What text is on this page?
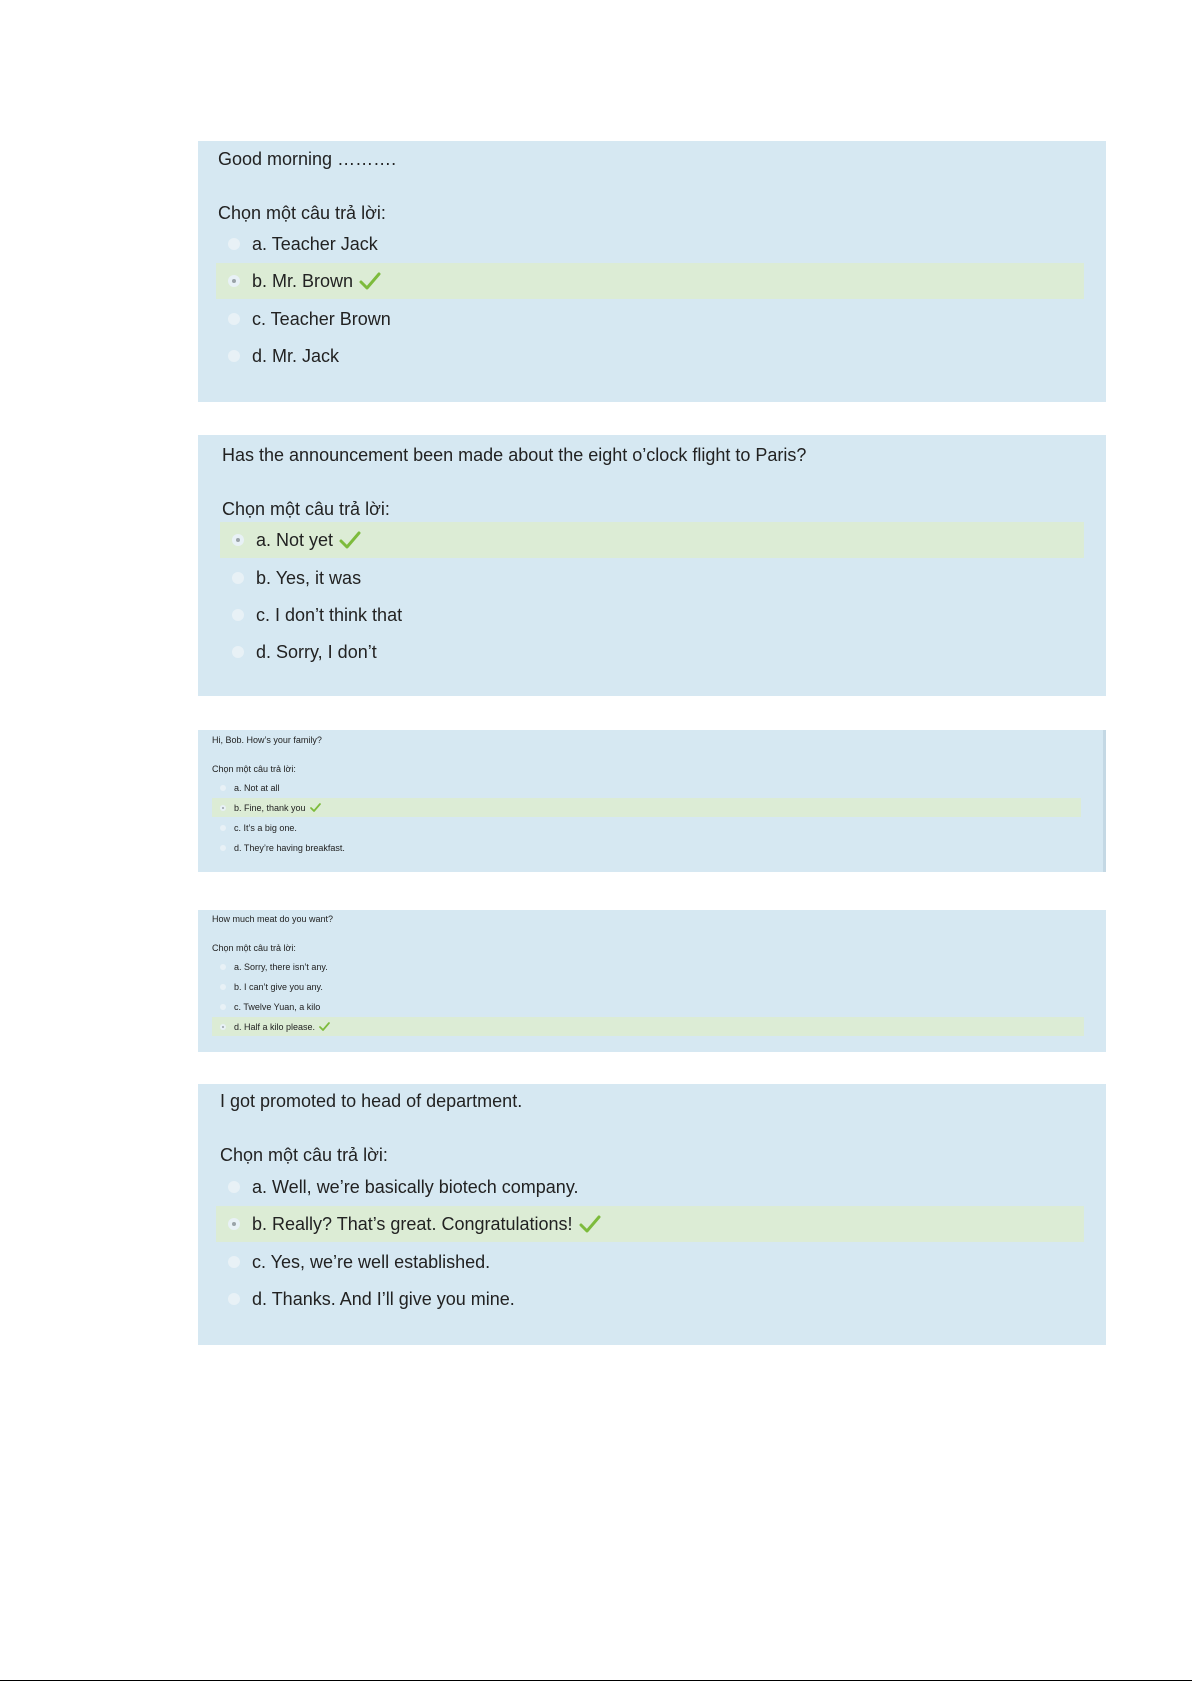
Good morning ……….
Chọn một câu trả lời:
a. Teacher Jack
b. Mr. Brown
c. Teacher Brown
d. Mr. Jack
Has the announcement been made about the eight o’clock flight to Paris?
Chọn một câu trả lời:
a. Not yet
b. Yes, it was
c. I don’t think that
d. Sorry, I don’t
Hi, Bob. How’s your family?
Chọn một câu trả lời:
a. Not at all
b. Fine, thank you
c. It’s a big one.
d. They’re having breakfast.
How much meat do you want?
Chọn một câu trả lời:
a. Sorry, there isn’t any.
b. I can’t give you any.
c. Twelve Yuan, a kilo
d. Half a kilo please.
I got promoted to head of department.
Chọn một câu trả lời:
a. Well, we’re basically biotech company.
b. Really? That’s great. Congratulations!
c. Yes, we’re well established.
d. Thanks. And I’ll give you mine.
